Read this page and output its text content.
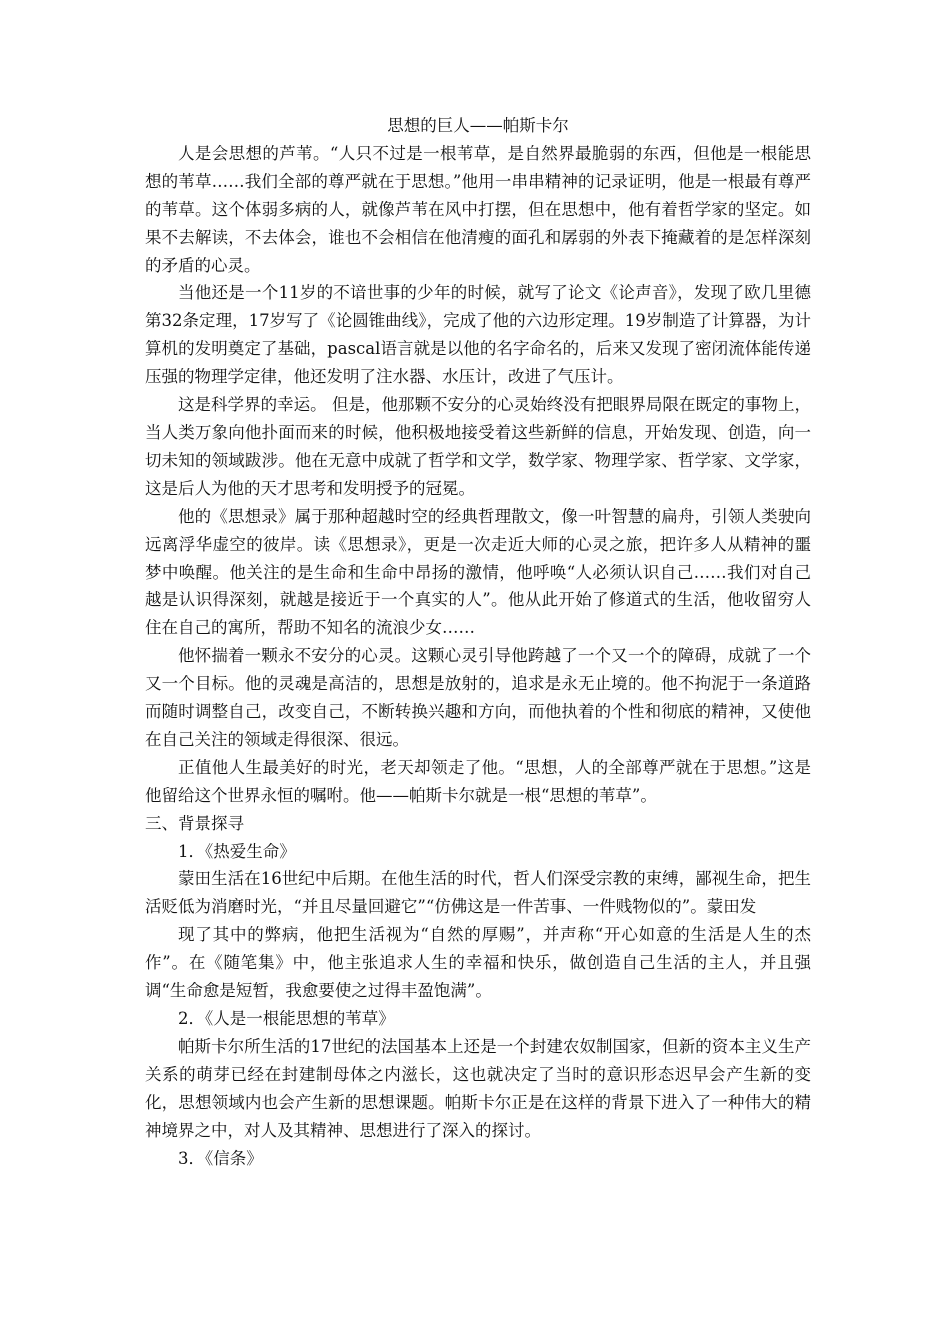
思想的巨人——帕斯卡尔

人是会思想的芦苇。“人只不过是一根苇草，是自然界最脆弱的东西，但他是一根能思想的苇草……我们全部的尊严就在于思想。”他用一串串精神的记录证明，他是一根最有尊严的苇草。这个体弱多病的人，就像芦苇在风中打摆，但在思想中，他有着哲学家的坚定。如果不去解读，不去体会，谁也不会相信在他清瘦的面孔和孱弱的外表下掩藏着的是怎样深刻的矛盾的心灵。

当他还是一个11岁的不谙世事的少年的时候，就写了论文《论声音》，发现了欧几里德第32条定理，17岁写了《论圆锥曲线》，完成了他的六边形定理。19岁制造了计算器，为计算机的发明奠定了基础，pascal语言就是以他的名字命名的，后来又发现了密闭流体能传递压强的物理学定律，他还发明了注水器、水压计，改进了气压计。

这是科学界的幸运。 但是，他那颗不安分的心灵始终没有把眼界局限在既定的事物上，当人类万象向他扑面而来的时候，他积极地接受着这些新鲜的信息，开始发现、创造，向一切未知的领域跋涉。他在无意中成就了哲学和文学，数学家、物理学家、哲学家、文学家，这是后人为他的天才思考和发明授予的冠冕。

他的《思想录》属于那种超越时空的经典哲理散文，像一叶智慧的扁舟，引领人类驶向远离浮华虚空的彼岸。读《思想录》，更是一次走近大师的心灵之旅，把许多人从精神的噩梦中唤醒。他关注的是生命和生命中昂扬的激情，他呼唤“人必须认识自己……我们对自己越是认识得深刻，就越是接近于一个真实的人”。他从此开始了修道式的生活，他收留穷人住在自己的寓所，帮助不知名的流浪少女……

他怀揣着一颗永不安分的心灵。这颗心灵引导他跨越了一个又一个的障碍，成就了一个又一个目标。他的灵魂是高洁的，思想是放射的，追求是永无止境的。他不拘泥于一条道路而随时调整自己，改变自己，不断转换兴趣和方向，而他执着的个性和彻底的精神，又使他在自己关注的领域走得很深、很远。

正值他人生最美好的时光，老天却领走了他。“思想，人的全部尊严就在于思想。”这是他留给这个世界永恒的嘱咐。他——帕斯卡尔就是一根“思想的苇草”。

三、背景探寻

1．《热爱生命》

蒙田生活在16世纪中后期。在他生活的时代，哲人们深受宗教的束缚，鄙视生命，把生活贬低为消磨时光，“并且尽量回避它”“仿佛这是一件苦事、一件贱物似的”。蒙田发

现了其中的弊病，他把生活视为“自然的厚赐”，并声称“开心如意的生活是人生的杰作”。在《随笔集》中，他主张追求人生的幸福和快乐，做创造自己生活的主人，并且强调“生命愈是短暂，我愈要使之过得丰盈饱满”。

2．《人是一根能思想的苇草》

帕斯卡尔所生活的17世纪的法国基本上还是一个封建农奴制国家，但新的资本主义生产关系的萌芽已经在封建制母体之内滋长，这也就决定了当时的意识形态迟早会产生新的变化，思想领域内也会产生新的思想课题。帕斯卡尔正是在这样的背景下进入了一种伟大的精神境界之中，对人及其精神、思想进行了深入的探讨。

3．《信条》
